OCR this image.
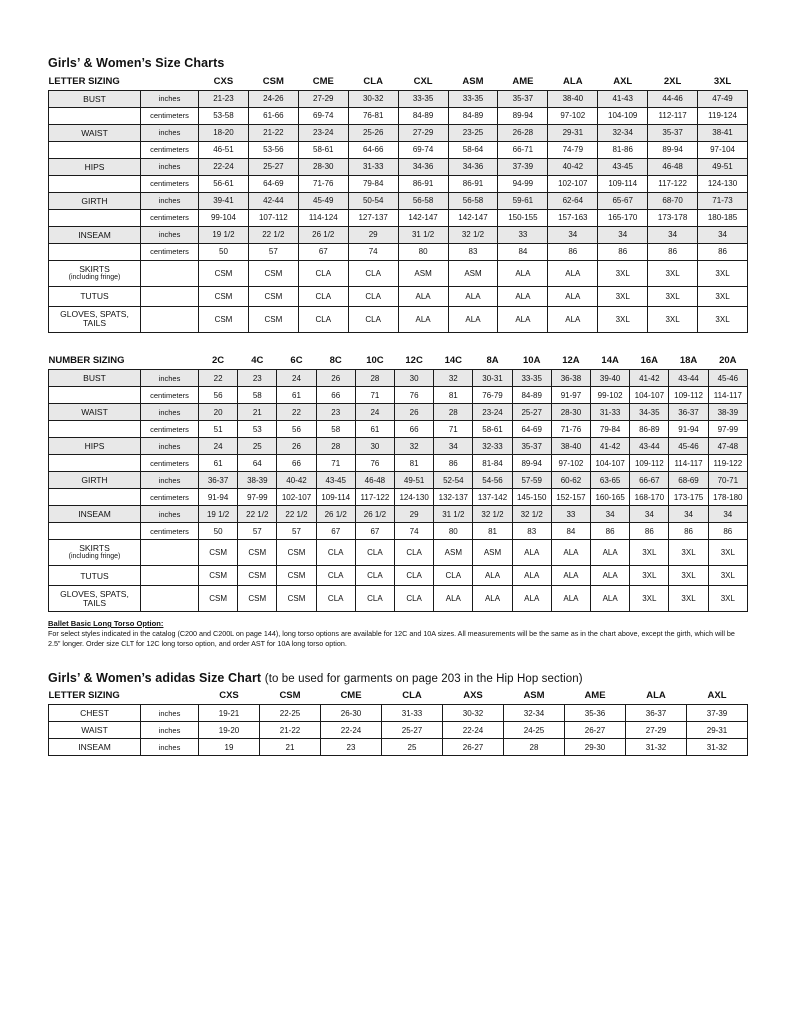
Girls’ & Women’s Size Charts
LETTER SIZING		CXS	CSM	CME	CLA	CXL	ASM	AME	ALA	AXL	2XL	3XL
BUST	inches	21-23	24-26	27-29	30-32	33-35	33-35	35-37	38-40	41-43	44-46	47-49
	centimeters	53-58	61-66	69-74	76-81	84-89	84-89	89-94	97-102	104-109	112-117	119-124
WAIST	inches	18-20	21-22	23-24	25-26	27-29	23-25	26-28	29-31	32-34	35-37	38-41
	centimeters	46-51	53-56	58-61	64-66	69-74	58-64	66-71	74-79	81-86	89-94	97-104
HIPS	inches	22-24	25-27	28-30	31-33	34-36	34-36	37-39	40-42	43-45	46-48	49-51
	centimeters	56-61	64-69	71-76	79-84	86-91	86-91	94-99	102-107	109-114	117-122	124-130
GIRTH	inches	39-41	42-44	45-49	50-54	56-58	56-58	59-61	62-64	65-67	68-70	71-73
	centimeters	99-104	107-112	114-124	127-137	142-147	142-147	150-155	157-163	165-170	173-178	180-185
INSEAM	inches	19 1/2	22 1/2	26 1/2	29	31 1/2	32 1/2	33	34	34	34	34
	centimeters	50	57	67	74	80	83	84	86	86	86	86

SKIRTS
(including fringe)		CSM	CSM	CLA	CLA	ASM	ASM	ALA	ALA	3XL	3XL	3XL
TUTUS		CSM	CSM	CLA	CLA	ALA	ALA	ALA	ALA	3XL	3XL	3XL

GLOVES, SPATS,
TAILS		CSM	CSM	CLA	CLA	ALA	ALA	ALA	ALA	3XL	3XL	3XL
NUMBER SIZING		2C	4C	6C	8C	10C	12C	14C	8A	10A	12A	14A	16A	18A	20A
BUST	inches	22	23	24	26	28	30	32	30-31	33-35	36-38	39-40	41-42	43-44	45-46
	centimeters	56	58	61	66	71	76	81	76-79	84-89	91-97	99-102	104-107	109-112	114-117
WAIST	inches	20	21	22	23	24	26	28	23-24	25-27	28-30	31-33	34-35	36-37	38-39
	centimeters	51	53	56	58	61	66	71	58-61	64-69	71-76	79-84	86-89	91-94	97-99
HIPS	inches	24	25	26	28	30	32	34	32-33	35-37	38-40	41-42	43-44	45-46	47-48
	centimeters	61	64	66	71	76	81	86	81-84	89-94	97-102	104-107	109-112	114-117	119-122
GIRTH	inches	36-37	38-39	40-42	43-45	46-48	49-51	52-54	54-56	57-59	60-62	63-65	66-67	68-69	70-71
	centimeters	91-94	97-99	102-107	109-114	117-122	124-130	132-137	137-142	145-150	152-157	160-165	168-170	173-175	178-180
INSEAM	inches	19 1/2	22 1/2	22 1/2	26 1/2	26 1/2	29	31 1/2	32 1/2	32 1/2	33	34	34	34	34
	centimeters	50	57	57	67	67	74	80	81	83	84	86	86	86	86

SKIRTS
(including fringe)		CSM	CSM	CSM	CLA	CLA	CLA	ASM	ASM	ALA	ALA	ALA	3XL	3XL	3XL
TUTUS		CSM	CSM	CSM	CLA	CLA	CLA	CLA	ALA	ALA	ALA	ALA	3XL	3XL	3XL

GLOVES, SPATS,
TAILS		CSM	CSM	CSM	CLA	CLA	CLA	ALA	ALA	ALA	ALA	ALA	3XL	3XL	3XL
Ballet Basic Long Torso Option:
For select styles indicated in the catalog (C200 and C200L on page 144), long torso options are available for 12C and 10A sizes. All measurements will be the same as in the chart above, except the girth, which will be 2.5” longer. Order size CLT for 12C long torso option, and order AST for 10A long torso option.
Girls’ & Women’s adidas Size Chart (to be used for garments on page 203 in the Hip Hop section)
LETTER SIZING		CXS	CSM	CME	CLA	AXS	ASM	AME	ALA	AXL
CHEST	inches	19-21	22-25	26-30	31-33	30-32	32-34	35-36	36-37	37-39
WAIST	inches	19-20	21-22	22-24	25-27	22-24	24-25	26-27	27-29	29-31
INSEAM	inches	19	21	23	25	26-27	28	29-30	31-32	31-32
